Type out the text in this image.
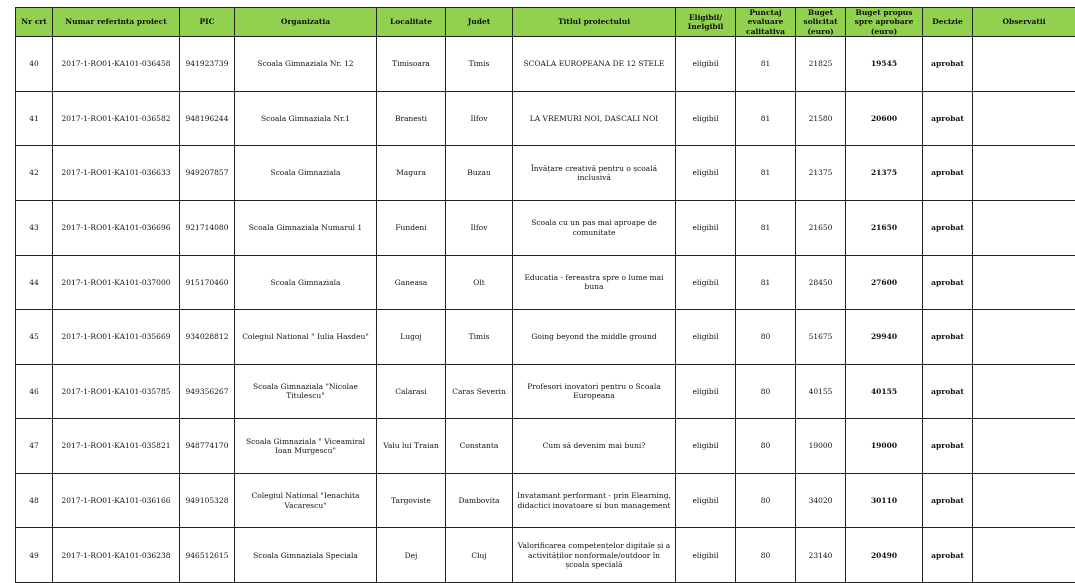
Nr crt	Numar referinta proiect	PIC	Organizatia	Localitate	Judet	Titlul proiectului	Eligibil/ Inelgibil	Punctaj evaluare calitativa	Buget solicitat (euro)	Buget propus spre aprobare (euro)	Decizie	Observatii
40	2017-1-RO01-KA101-036458	941923739	Scoala Gimnaziala Nr. 12	Timisoara	Timis	SCOALA EUROPEANA DE 12 STELE	eligibil	81	21825	19545	aprobat	
41	2017-1-RO01-KA101-036582	948196244	Scoala Gimnaziala Nr.1	Branesti	Ilfov	LA VREMURI NOI, DASCALI NOI	eligibil	81	21580	20600	aprobat	
42	2017-1-RO01-KA101-036633	949207857	Scoala Gimnaziala	Magura	Buzau	Învățare creativă pentru o școală inclusivă	eligibil	81	21375	21375	aprobat	
43	2017-1-RO01-KA101-036696	921714080	Scoala Gimnaziala Numarul 1	Fundeni	Ilfov	Scoala cu un pas mai aproape de comunitate	eligibil	81	21650	21650	aprobat	
44	2017-1-RO01-KA101-037000	915170460	Scoala Gimnaziala	Ganeasa	Olt	Educatia - fereastra spre o lume mai buna	eligibil	81	28450	27600	aprobat	
45	2017-1-RO01-KA101-035669	934028812	Colegiul National " Iulia Hasdeu"	Lugoj	Timis	Going beyond the middle ground	eligibil	80	51675	29940	aprobat	
46	2017-1-RO01-KA101-035785	949356267	Scoala Gimnaziala "Nicolae Titulescu"	Calarasi	Caras Severin	Profesori inovatori pentru o Scoala Europeana	eligibil	80	40155	40155	aprobat	
47	2017-1-RO01-KA101-035821	948774170	Scoala Gimnaziala " Viceamiral Ioan Murgescu"	Valu lui Traian	Constanta	Cum să devenim mai buni?	eligibil	80	19000	19000	aprobat	
48	2017-1-RO01-KA101-036166	949105328	Colegiul National "Ienachita Vacarescu"	Targoviste	Dambovita	Invatamant performant - prin Elearning, didactici inovatoare si bun management	eligibil	80	34020	30110	aprobat	
49	2017-1-RO01-KA101-036238	946512615	Scoala Gimnaziala Speciala	Dej	Cluj	Valorificarea competențelor digitale și a activităților nonformale/outdoor în școala specială	eligibil	80	23140	20490	aprobat	
